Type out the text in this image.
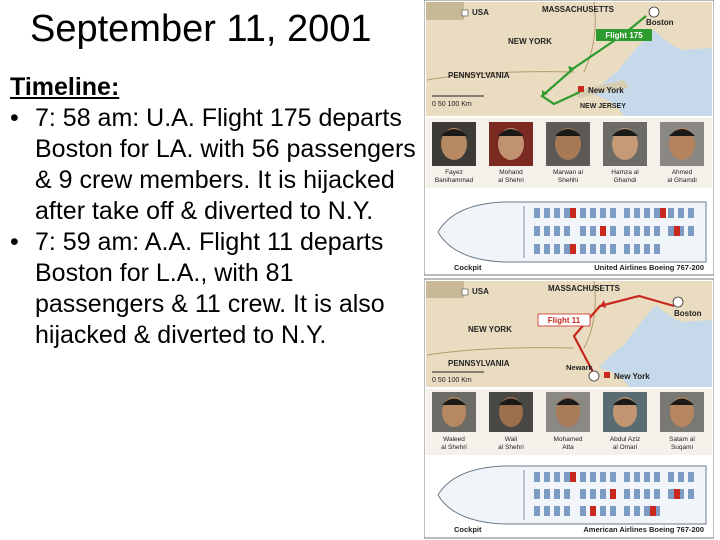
September 11, 2001
Timeline:
• 7: 58 am: U.A. Flight 175 departs Boston for LA. with 56 passengers & 9 crew members. It is hijacked after take off & diverted to N.Y.
• 7: 59 am: A.A. Flight 11 departs Boston for L.A., with 81 passengers & 11 crew. It is also hijacked & diverted to N.Y.
Flight 175
USA	MASSACHUSETTS
Boston
NEW YORK
PENNSYLVANIA
New York
NEW JERSEY
0 50 100 Km
Fayez
Banihammad
Mohand
al Shehri
Marwan al
Shehhi
Hamza al
Ghamdi
Ahmed
al Ghamdi
Cockpit	United Airlines Boeing 767-200
Flight 11
USA	MASSACHUSETTS
Boston
NEW YORK
PENNSYLVANIA	Newark
New York
0 50 100 Km
Waleed
al Shehri
Wail
al Shehri
Mohamed
Atta
Abdul Aziz
al Omari
Satam al
Suqami
Cockpit	American Airlines Boeing 767-200
